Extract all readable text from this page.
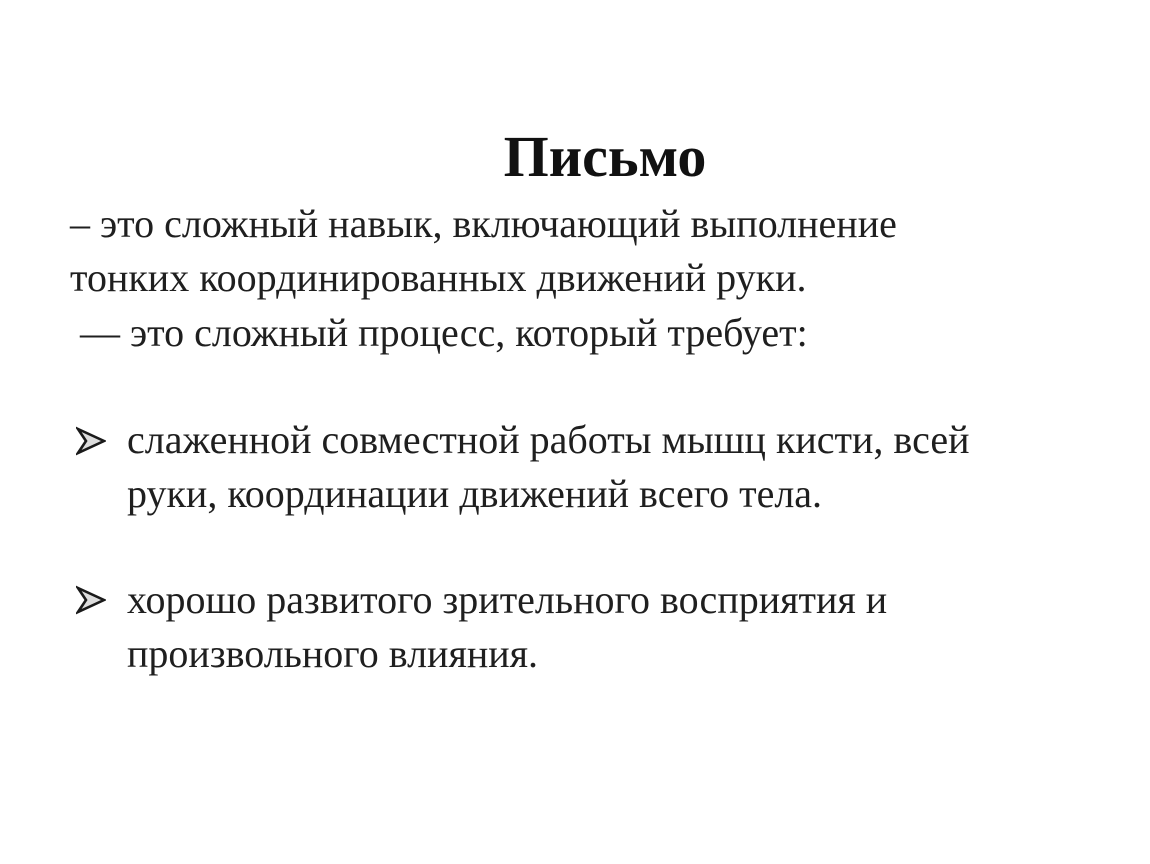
Письмо
– это сложный навык, включающий выполнение
тонких координированных движений руки.
— это сложный процесс, который требует:
слаженной совместной работы мышц кисти, всей
руки, координации движений всего тела.
хорошо развитого зрительного восприятия и
произвольного влияния.
